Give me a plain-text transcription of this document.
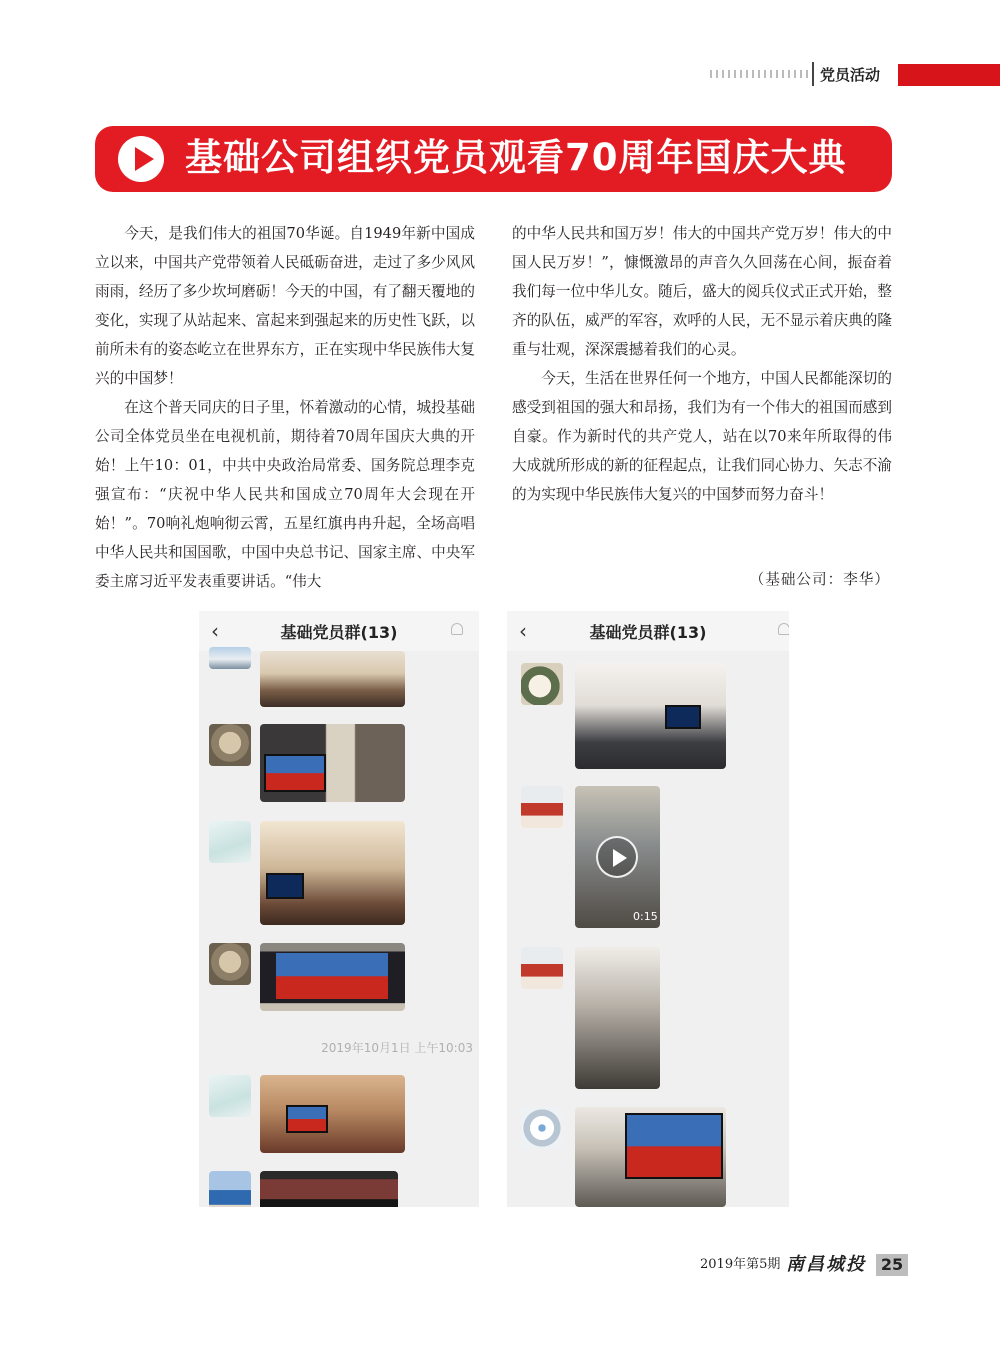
党员活动
基础公司组织党员观看70周年国庆大典

今天，是我们伟大的祖国70华诞。自1949年新中国成立以来，中国共产党带领着人民砥砺奋进，走过了多少风风雨雨，经历了多少坎坷磨砺！今天的中国，有了翻天覆地的变化，实现了从站起来、富起来到强起来的历史性飞跃，以前所未有的姿态屹立在世界东方，正在实现中华民族伟大复兴的中国梦！

在这个普天同庆的日子里，怀着激动的心情，城投基础公司全体党员坐在电视机前，期待着70周年国庆大典的开始！上午10：01，中共中央政治局常委、国务院总理李克强宣布：“庆祝中华人民共和国成立70周年大会现在开始！”。70响礼炮响彻云霄，五星红旗冉冉升起，全场高唱中华人民共和国国歌，中国中央总书记、国家主席、中央军委主席习近平发表重要讲话。“伟大

的中华人民共和国万岁！伟大的中国共产党万岁！伟大的中国人民万岁！”，慷慨激昂的声音久久回荡在心间，振奋着我们每一位中华儿女。随后，盛大的阅兵仪式正式开始，整齐的队伍，威严的军容，欢呼的人民，无不显示着庆典的隆重与壮观，深深震撼着我们的心灵。

今天，生活在世界任何一个地方，中国人民都能深切的感受到祖国的强大和昂扬，我们为有一个伟大的祖国而感到自豪。作为新时代的共产党人，站在以70来年所取得的伟大成就所形成的新的征程起点，让我们同心协力、矢志不渝的为实现中华民族伟大复兴的中国梦而努力奋斗！

（基础公司：李华）
‹	基础党员群(13)
2019年10月1日 上午10:03
‹	基础党员群(13)
0:15
2019年第5期 南昌城投 25
